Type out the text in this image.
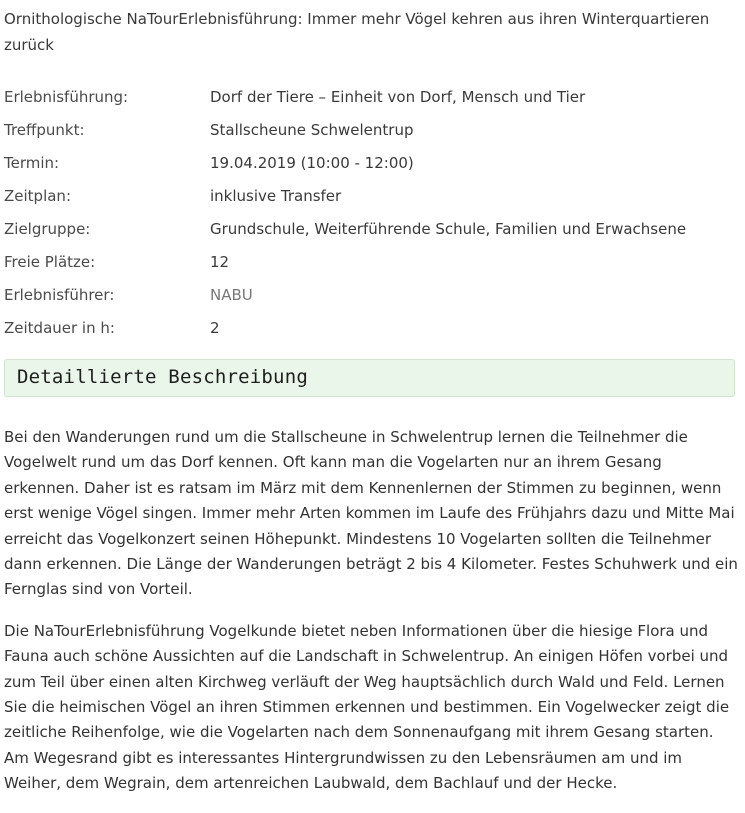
Ornithologische NaTourErlebnisführung: Immer mehr Vögel kehren aus ihren Winterquartieren zurück
Erlebnisführung:	Dorf der Tiere – Einheit von Dorf, Mensch und Tier
Treffpunkt:	Stallscheune Schwelentrup
Termin:	19.04.2019 (10:00 - 12:00)
Zeitplan:	inklusive Transfer
Zielgruppe:	Grundschule, Weiterführende Schule, Familien und Erwachsene
Freie Plätze:	12
Erlebnisführer:	NABU
Zeitdauer in h:	2
Detaillierte Beschreibung

Bei den Wanderungen rund um die Stallscheune in Schwelentrup lernen die Teilnehmer die Vogelwelt rund um das Dorf kennen. Oft kann man die Vogelarten nur an ihrem Gesang erkennen. Daher ist es ratsam im März mit dem Kennenlernen der Stimmen zu beginnen, wenn erst wenige Vögel singen. Immer mehr Arten kommen im Laufe des Frühjahrs dazu und Mitte Mai erreicht das Vogelkonzert seinen Höhepunkt. Mindestens 10 Vogelarten sollten die Teilnehmer dann erkennen. Die Länge der Wanderungen beträgt 2 bis 4 Kilometer. Festes Schuhwerk und ein Fernglas sind von Vorteil.

Die NaTourErlebnisführung Vogelkunde bietet neben Informationen über die hiesige Flora und Fauna auch schöne Aussichten auf die Landschaft in Schwelentrup. An einigen Höfen vorbei und zum Teil über einen alten Kirchweg verläuft der Weg hauptsächlich durch Wald und Feld. Lernen Sie die heimischen Vögel an ihren Stimmen erkennen und bestimmen. Ein Vogelwecker zeigt die zeitliche Reihenfolge, wie die Vogelarten nach dem Sonnenaufgang mit ihrem Gesang starten. Am Wegesrand gibt es interessantes Hintergrundwissen zu den Lebensräumen am und im Weiher, dem Wegrain, dem artenreichen Laubwald, dem Bachlauf und der Hecke.
